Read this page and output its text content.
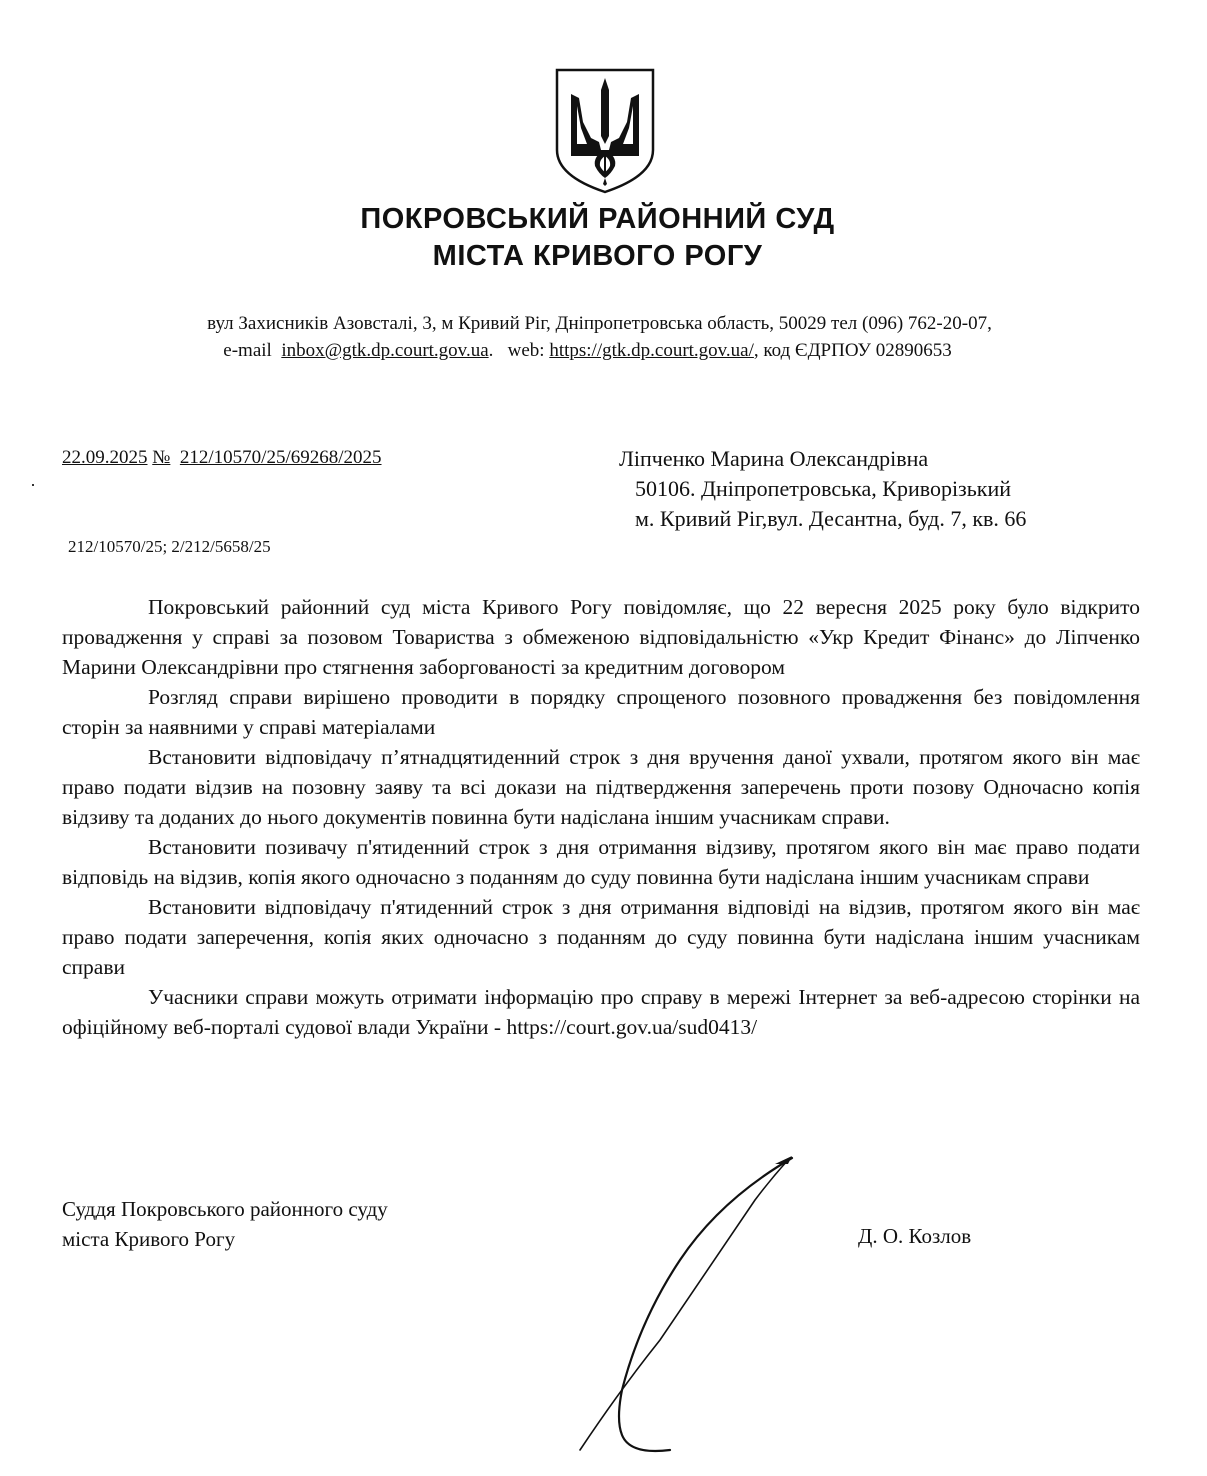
ПОКРОВСЬКИЙ РАЙОННИЙ СУД
МІСТА КРИВОГО РОГУ
вул Захисників Азовсталі, 3, м Кривий Ріг, Дніпропетровська область, 50029 тел (096) 762-20-07,
e-mail inbox@gtk.dp.court.gov.ua.   web: https://gtk.dp.court.gov.ua/, код ЄДРПОУ 02890653
22.09.2025 № 212/10570/25/69268/2025
212/10570/25; 2/212/5658/25
Ліпченко Марина Олександрівна
50106. Дніпропетровська, Криворізький
м. Кривий Ріг,вул. Десантна, буд. 7, кв. 66

Покровський районний суд міста Кривого Рогу повідомляє, що 22 вересня 2025 року було відкрито провадження у справі за позовом Товариства з обмеженою відповідальністю «Укр Кредит Фінанс» до Ліпченко Марини Олександрівни про стягнення заборгованості за кредитним договором

Розгляд справи вирішено проводити в порядку спрощеного позовного провадження без повідомлення сторін за наявними у справі матеріалами

Встановити відповідачу п’ятнадцятиденний строк з дня вручення даної ухвали, протягом якого він має право подати відзив на позовну заяву та всі докази на підтвердження заперечень проти позову Одночасно копія відзиву та доданих до нього документів повинна бути надіслана іншим учасникам справи.

Встановити позивачу п'ятиденний строк з дня отримання відзиву, протягом якого він має право подати відповідь на відзив, копія якого одночасно з поданням до суду повинна бути надіслана іншим учасникам справи

Встановити відповідачу п'ятиденний строк з дня отримання відповіді на відзив, протягом якого він має право подати заперечення, копія яких одночасно з поданням до суду повинна бути надіслана іншим учасникам справи

Учасники справи можуть отримати інформацію про справу в мережі Інтернет за веб-адресою сторінки на офіційному веб-порталі судової влади України - https://court.gov.ua/sud0413/

Суддя Покровського районного суду
міста Кривого Рогу	Д. О. Козлов
